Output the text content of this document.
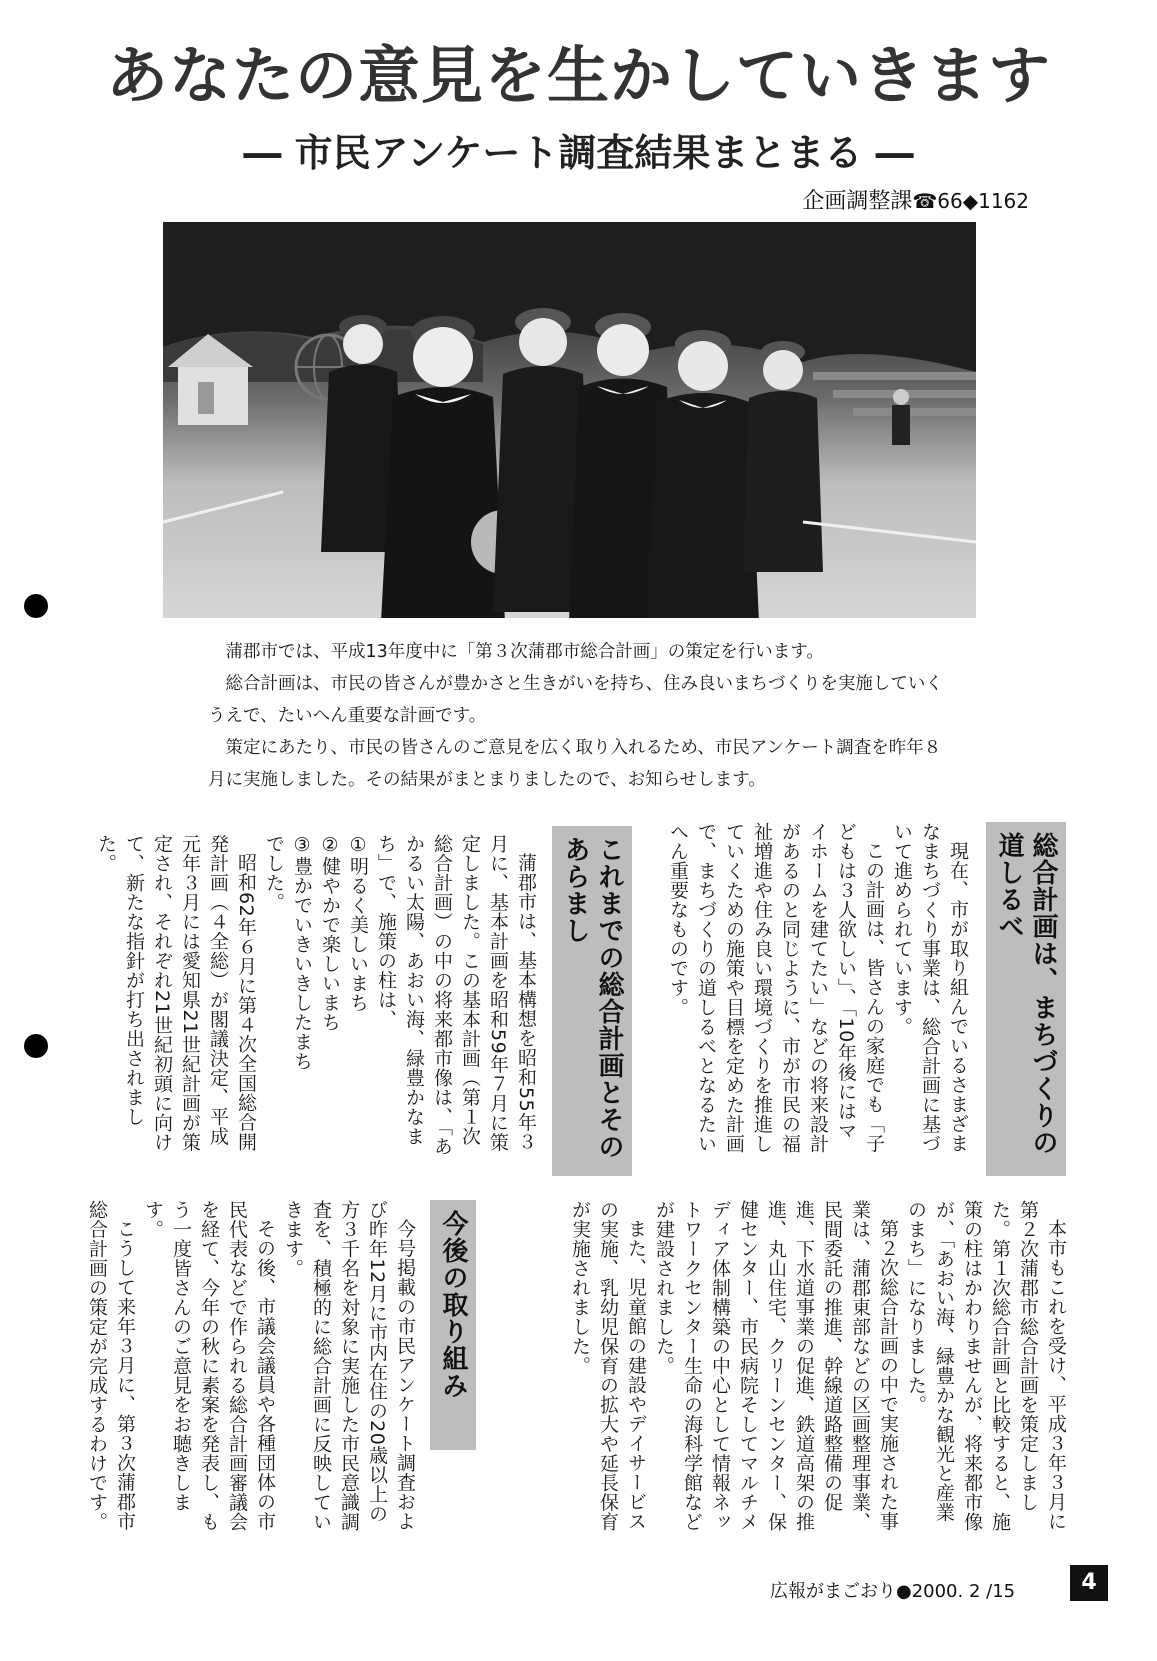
あなたの意見を生かしていきます
― 市民アンケート調査結果まとまる ―
企画調整課☎66◆1162

蒲郡市では、平成13年度中に「第３次蒲郡市総合計画」の策定を行います。

総合計画は、市民の皆さんが豊かさと生きがいを持ち、住み良いまちづくりを実施していくうえで、たいへん重要な計画です。

策定にあたり、市民の皆さんのご意見を広く取り入れるため、市民アンケート調査を昨年８月に実施しました。その結果がまとまりましたので、お知らせします。

総合計画は、まちづくりの道しるべ

現在、市が取り組んでいるさまざまなまちづくり事業は、総合計画に基づいて進められています。

この計画は、皆さんの家庭でも「子どもは３人欲しい」、「10年後にはマイホームを建てたい」などの将来設計があるのと同じように、市が市民の福祉増進や住み良い環境づくりを推進していくための施策や目標を定めた計画で、まちづくりの道しるべとなるたいへん重要なものです。

これまでの総合計画とそのあらまし

蒲郡市は、基本構想を昭和55年３月に、基本計画を昭和59年７月に策定しました。この基本計画（第１次総合計画）の中の将来都市像は、「あかるい太陽、あおい海、緑豊かなまち」で、施策の柱は、

①明るく美しいまち

②健やかで楽しいまち

③豊かでいきいきしたまち

でした。

昭和62年６月に第４次全国総合開発計画（４全総）が閣議決定、平成元年３月には愛知県21世紀計画が策定され、それぞれ21世紀初頭に向けて、新たな指針が打ち出されました。

本市もこれを受け、平成３年３月に第２次蒲郡市総合計画を策定しました。第１次総合計画と比較すると、施策の柱はかわりませんが、将来都市像が、「あおい海、緑豊かな観光と産業のまち」になりました。

第２次総合計画の中で実施された事業は、蒲郡東部などの区画整理事業、民間委託の推進、幹線道路整備の促進、下水道事業の促進、鉄道高架の推進、丸山住宅、クリーンセンター、保健センター、市民病院そしてマルチメディア体制構築の中心として情報ネットワークセンター生命の海科学館などが建設されました。

また、児童館の建設やデイサービスの実施、乳幼児保育の拡大や延長保育が実施されました。

今後の取り組み

今号掲載の市民アンケート調査および昨年12月に市内在住の20歳以上の方３千名を対象に実施した市民意識調査を、積極的に総合計画に反映していきます。

その後、市議会議員や各種団体の市民代表などで作られる総合計画審議会を経て、今年の秋に素案を発表し、もう一度皆さんのご意見をお聴きします。

こうして来年３月に、第３次蒲郡市総合計画の策定が完成するわけです。

広報がまごおり●2000. 2 /15	4
